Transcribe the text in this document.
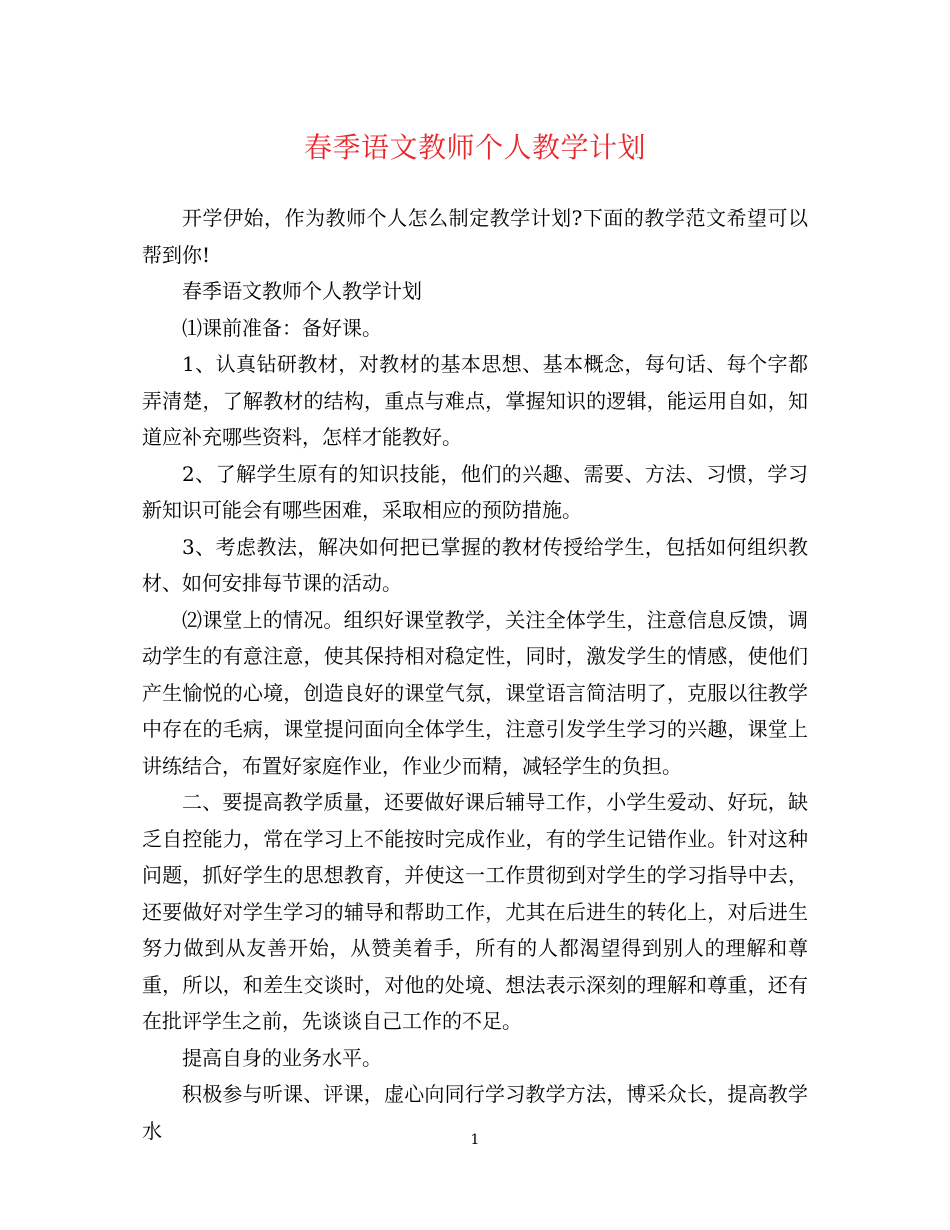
春季语文教师个人教学计划

开学伊始，作为教师个人怎么制定教学计划?下面的教学范文希望可以帮到你!

春季语文教师个人教学计划

⑴课前准备：备好课。

1、认真钻研教材，对教材的基本思想、基本概念，每句话、每个字都弄清楚，了解教材的结构，重点与难点，掌握知识的逻辑，能运用自如，知道应补充哪些资料，怎样才能教好。

2、了解学生原有的知识技能，他们的兴趣、需要、方法、习惯，学习新知识可能会有哪些困难，采取相应的预防措施。

3、考虑教法，解决如何把已掌握的教材传授给学生，包括如何组织教材、如何安排每节课的活动。

⑵课堂上的情况。组织好课堂教学，关注全体学生，注意信息反馈，调动学生的有意注意，使其保持相对稳定性，同时，激发学生的情感，使他们产生愉悦的心境，创造良好的课堂气氛，课堂语言简洁明了，克服以往教学中存在的毛病，课堂提问面向全体学生，注意引发学生学习的兴趣，课堂上讲练结合，布置好家庭作业，作业少而精，减轻学生的负担。

二、要提高教学质量，还要做好课后辅导工作，小学生爱动、好玩，缺乏自控能力，常在学习上不能按时完成作业，有的学生记错作业。针对这种问题，抓好学生的思想教育，并使这一工作贯彻到对学生的学习指导中去，还要做好对学生学习的辅导和帮助工作，尤其在后进生的转化上，对后进生努力做到从友善开始，从赞美着手，所有的人都渴望得到别人的理解和尊重，所以，和差生交谈时，对他的处境、想法表示深刻的理解和尊重，还有在批评学生之前，先谈谈自己工作的不足。

提高自身的业务水平。

积极参与听课、评课，虚心向同行学习教学方法，博采众长，提高教学水	1
